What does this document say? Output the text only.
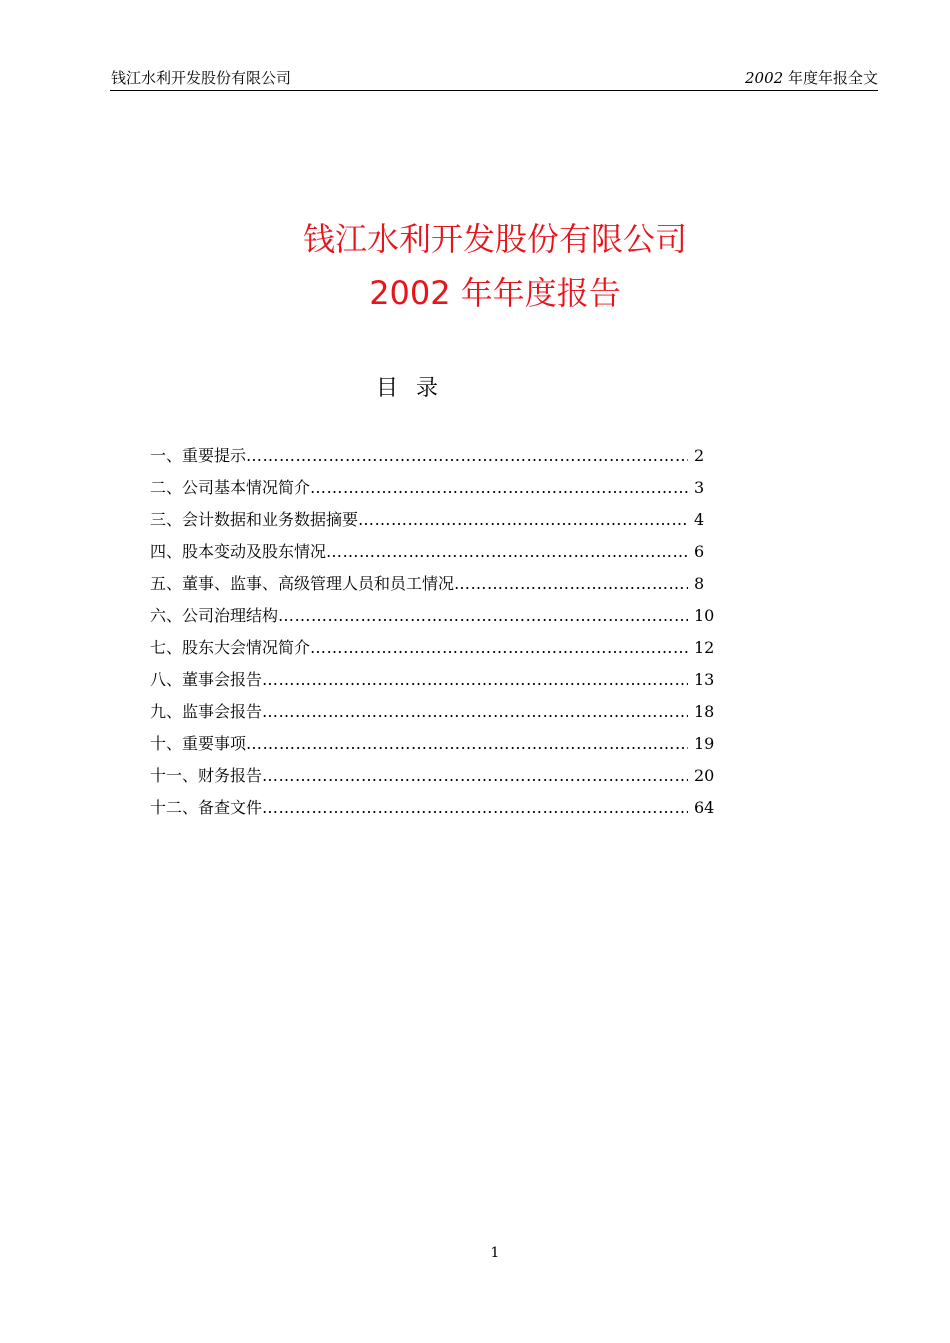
钱江水利开发股份有限公司	2002 年度年报全文
钱江水利开发股份有限公司
2002 年年度报告
目录
一、重要提示 …………………………………………………………………………………………………………………………………………………………………………	2
二、公司基本情况简介 …………………………………………………………………………………………………………………………………………………………………………	3
三、会计数据和业务数据摘要 …………………………………………………………………………………………………………………………………………………………………………	4
四、股本变动及股东情况 …………………………………………………………………………………………………………………………………………………………………………	6
五、董事、监事、高级管理人员和员工情况 …………………………………………………………………………………………………………………………………………………………………………	8
六、公司治理结构 …………………………………………………………………………………………………………………………………………………………………………	10
七、股东大会情况简介 …………………………………………………………………………………………………………………………………………………………………………	12
八、董事会报告 …………………………………………………………………………………………………………………………………………………………………………	13
九、监事会报告 …………………………………………………………………………………………………………………………………………………………………………	18
十、重要事项 …………………………………………………………………………………………………………………………………………………………………………	19
十一、财务报告 …………………………………………………………………………………………………………………………………………………………………………	20
十二、备查文件 …………………………………………………………………………………………………………………………………………………………………………	64
1
